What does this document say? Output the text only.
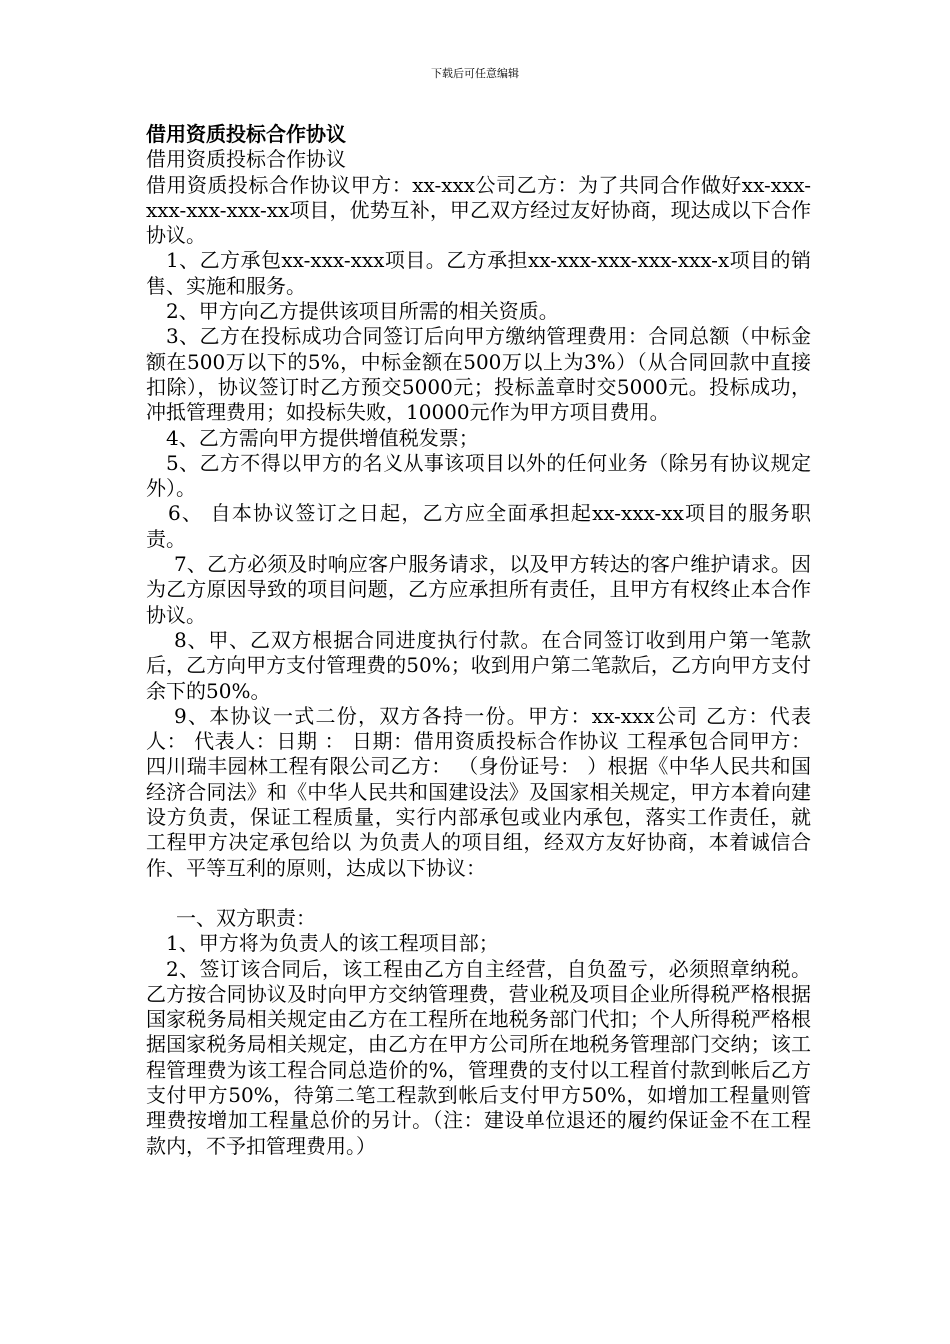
下载后可任意编辑
借用资质投标合作协议
借用资质投标合作协议

借用资质投标合作协议甲方：xx-xxx公司乙方：为了共同合作做好xx-xxx-xxx-xxx-xxx-xx项目，优势互补，甲乙双方经过友好协商，现达成以下合作协议。

1、乙方承包xx-xxx-xxx项目。乙方承担xx-xxx-xxx-xxx-xxx-x项目的销售、实施和服务。

2、甲方向乙方提供该项目所需的相关资质。

3、乙方在投标成功合同签订后向甲方缴纳管理费用：合同总额（中标金额在500万以下的5%，中标金额在500万以上为3%）（从合同回款中直接扣除），协议签订时乙方预交5000元；投标盖章时交5000元。投标成功，冲抵管理费用；如投标失败，10000元作为甲方项目费用。

4、乙方需向甲方提供增值税发票；

5、乙方不得以甲方的名义从事该项目以外的任何业务（除另有协议规定外）。

6、 自本协议签订之日起，乙方应全面承担起xx-xxx-xx项目的服务职责。

7、乙方必须及时响应客户服务请求，以及甲方转达的客户维护请求。因为乙方原因导致的项目问题，乙方应承担所有责任，且甲方有权终止本合作协议。

8、甲、乙双方根据合同进度执行付款。在合同签订收到用户第一笔款后，乙方向甲方支付管理费的50%；收到用户第二笔款后，乙方向甲方支付余下的50%。

9、本协议一式二份，双方各持一份。甲方：xx-xxx公司 乙方：代表人： 代表人：日期 ： 日期：借用资质投标合作协议 工程承包合同甲方：四川瑞丰园林工程有限公司乙方： （身份证号： ）根据《中华人民共和国经济合同法》和《中华人民共和国建设法》及国家相关规定，甲方本着向建设方负责，保证工程质量，实行内部承包或业内承包，落实工作责任，就 工程甲方决定承包给以 为负责人的项目组，经双方友好协商，本着诚信合作、平等互利的原则，达成以下协议：

一、双方职责：

1、甲方将为负责人的该工程项目部；

2、签订该合同后，该工程由乙方自主经营，自负盈亏，必须照章纳税。乙方按合同协议及时向甲方交纳管理费，营业税及项目企业所得税严格根据国家税务局相关规定由乙方在工程所在地税务部门代扣；个人所得税严格根据国家税务局相关规定，由乙方在甲方公司所在地税务管理部门交纳；该工程管理费为该工程合同总造价的%，管理费的支付以工程首付款到帐后乙方支付甲方50%，待第二笔工程款到帐后支付甲方50%，如增加工程量则管理费按增加工程量总价的另计。（注：建设单位退还的履约保证金不在工程款内，不予扣管理费用。）
